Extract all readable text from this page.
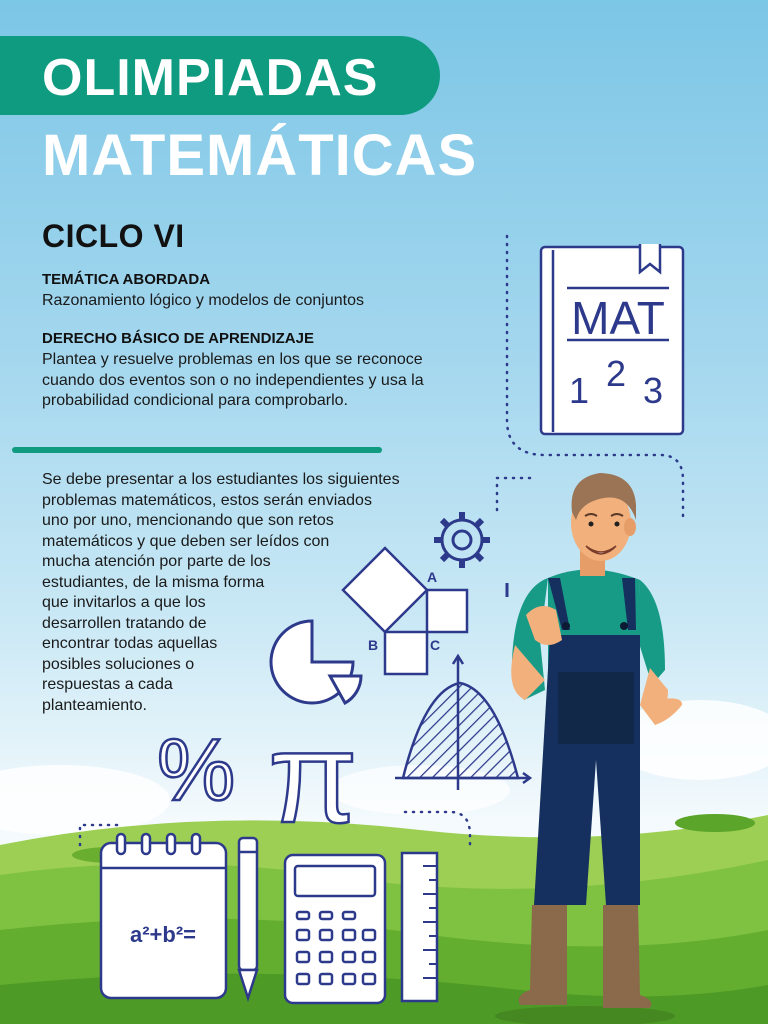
OLIMPIADAS
MATEMÁTICAS
CICLO VI

TEMÁTICA ABORDADA

Razonamiento lógico y modelos de conjuntos

DERECHO BÁSICO DE APRENDIZAJE

Plantea y resuelve problemas en los que se reconoce cuando dos eventos son o no independientes y usa la probabilidad condicional para comprobarlo.

Se debe presentar a los estudiantes los siguientes
problemas matemáticos, estos serán enviados
uno por uno, mencionando que son retos
matemáticos y que deben ser leídos con
mucha atención por parte de los
estudiantes, de la misma forma
que invitarlos a que los
desarrollen tratando de
encontrar todas aquellas
posibles soluciones o
respuestas a cada
planteamiento.

MAT
1 2 3
A
B	C
% π
a²+b²=
